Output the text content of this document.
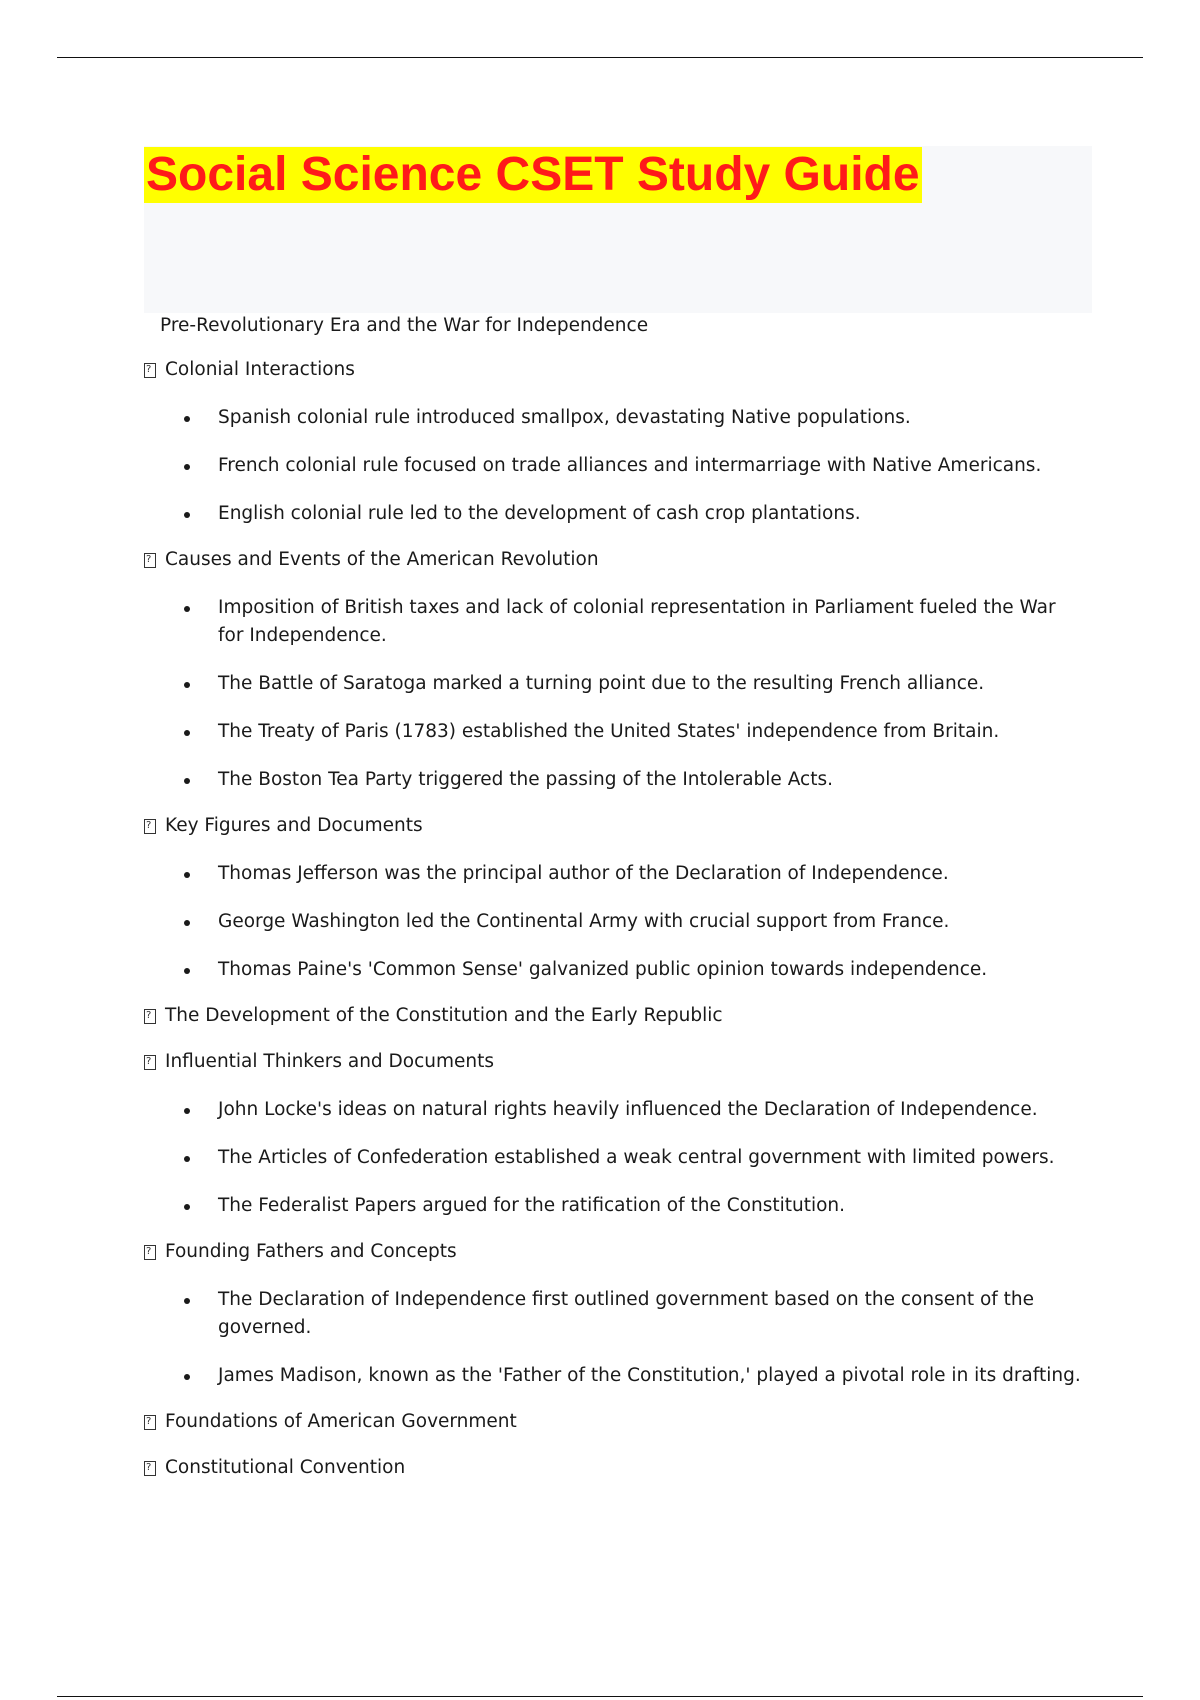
Social Science CSET Study Guide
Pre-Revolutionary Era and the War for Independence
?
Colonial Interactions
Spanish colonial rule introduced smallpox, devastating Native populations.
French colonial rule focused on trade alliances and intermarriage with Native Americans.
English colonial rule led to the development of cash crop plantations.
?
Causes and Events of the American Revolution
Imposition of British taxes and lack of colonial representation in Parliament fueled the War for Independence.
The Battle of Saratoga marked a turning point due to the resulting French alliance.
The Treaty of Paris (1783) established the United States' independence from Britain.
The Boston Tea Party triggered the passing of the Intolerable Acts.
?
Key Figures and Documents
Thomas Jefferson was the principal author of the Declaration of Independence.
George Washington led the Continental Army with crucial support from France.
Thomas Paine's 'Common Sense' galvanized public opinion towards independence.
?
The Development of the Constitution and the Early Republic
?
Influential Thinkers and Documents
John Locke's ideas on natural rights heavily influenced the Declaration of Independence.
The Articles of Confederation established a weak central government with limited powers.
The Federalist Papers argued for the ratification of the Constitution.
?
Founding Fathers and Concepts
The Declaration of Independence first outlined government based on the consent of the governed.
James Madison, known as the 'Father of the Constitution,' played a pivotal role in its drafting.
?
Foundations of American Government
?
Constitutional Convention
